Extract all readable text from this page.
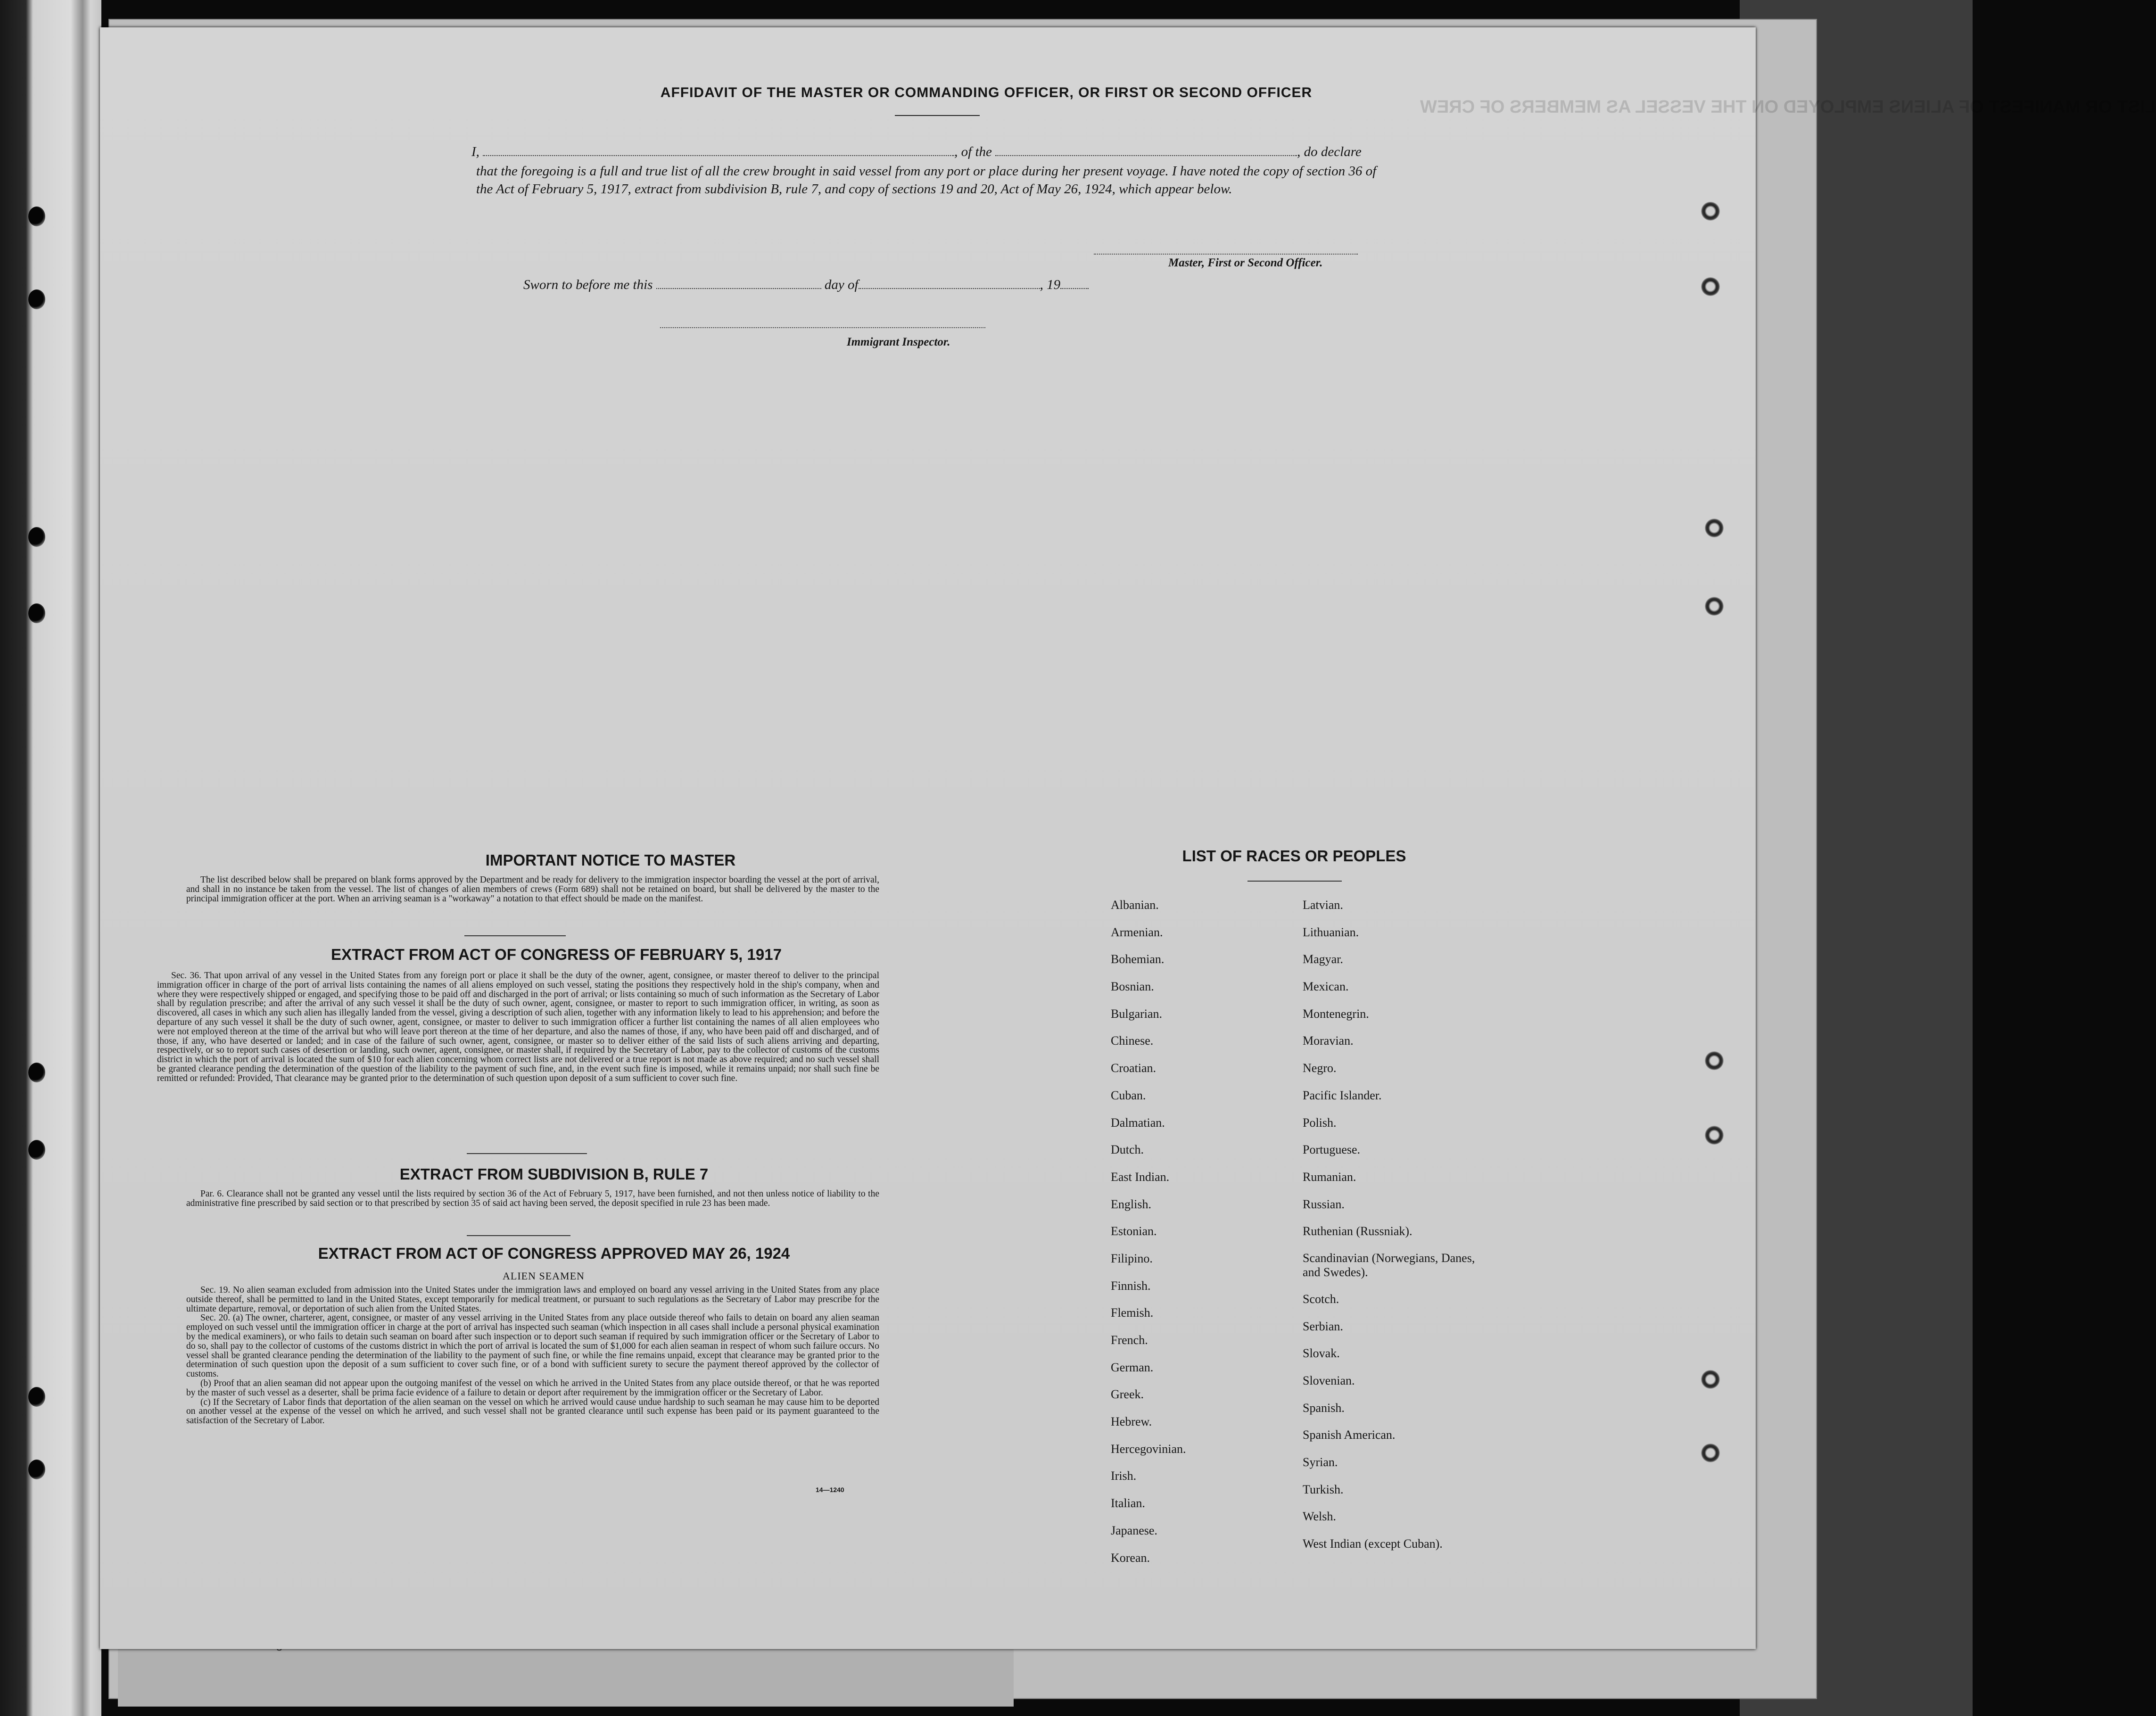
LIST OR MANIFEST OF ALIENS EMPLOYED ON THE VESSEL AS MEMBERS OF CREW
AFFIDAVIT OF THE MASTER OR COMMANDING OFFICER, OR FIRST OR SECOND OFFICER
I,	, of the	, do declare
that the foregoing is a full and true list of all the crew brought in said vessel from any port or place during her present voyage. I have noted the copy of section 36 of the Act of February 5, 1917, extract from subdivision B, rule 7, and copy of sections 19 and 20, Act of May 26, 1924, which appear below.
Master, First or Second Officer.
Sworn to before me this	day of	, 19
Immigrant Inspector.
IMPORTANT NOTICE TO MASTER

The list described below shall be prepared on blank forms approved by the Department and be ready for delivery to the immigration inspector boarding the vessel at the port of arrival, and shall in no instance be taken from the vessel. The list of changes of alien members of crews (Form 689) shall not be retained on board, but shall be delivered by the master to the principal immigration officer at the port. When an arriving seaman is a "workaway" a notation to that effect should be made on the manifest.

EXTRACT FROM ACT OF CONGRESS OF FEBRUARY 5, 1917

Sec. 36. That upon arrival of any vessel in the United States from any foreign port or place it shall be the duty of the owner, agent, consignee, or master thereof to deliver to the principal immigration officer in charge of the port of arrival lists containing the names of all aliens employed on such vessel, stating the positions they respectively hold in the ship's company, when and where they were respectively shipped or engaged, and specifying those to be paid off and discharged in the port of arrival; or lists containing so much of such information as the Secretary of Labor shall by regulation prescribe; and after the arrival of any such vessel it shall be the duty of such owner, agent, consignee, or master to report to such immigration officer, in writing, as soon as discovered, all cases in which any such alien has illegally landed from the vessel, giving a description of such alien, together with any information likely to lead to his apprehension; and before the departure of any such vessel it shall be the duty of such owner, agent, consignee, or master to deliver to such immigration officer a further list containing the names of all alien employees who were not employed thereon at the time of the arrival but who will leave port thereon at the time of her departure, and also the names of those, if any, who have been paid off and discharged, and of those, if any, who have deserted or landed; and in case of the failure of such owner, agent, consignee, or master so to deliver either of the said lists of such aliens arriving and departing, respectively, or so to report such cases of desertion or landing, such owner, agent, consignee, or master shall, if required by the Secretary of Labor, pay to the collector of customs of the customs district in which the port of arrival is located the sum of $10 for each alien concerning whom correct lists are not delivered or a true report is not made as above required; and no such vessel shall be granted clearance pending the determination of the question of the liability to the payment of such fine, and, in the event such fine is imposed, while it remains unpaid; nor shall such fine be remitted or refunded: Provided, That clearance may be granted prior to the determination of such question upon deposit of a sum sufficient to cover such fine.

EXTRACT FROM SUBDIVISION B, RULE 7

Par. 6. Clearance shall not be granted any vessel until the lists required by section 36 of the Act of February 5, 1917, have been furnished, and not then unless notice of liability to the administrative fine prescribed by said section or to that prescribed by section 35 of said act having been served, the deposit specified in rule 23 has been made.

EXTRACT FROM ACT OF CONGRESS APPROVED MAY 26, 1924
ALIEN SEAMEN

Sec. 19. No alien seaman excluded from admission into the United States under the immigration laws and employed on board any vessel arriving in the United States from any place outside thereof, shall be permitted to land in the United States, except temporarily for medical treatment, or pursuant to such regulations as the Secretary of Labor may prescribe for the ultimate departure, removal, or deportation of such alien from the United States.

Sec. 20. (a) The owner, charterer, agent, consignee, or master of any vessel arriving in the United States from any place outside thereof who fails to detain on board any alien seaman employed on such vessel until the immigration officer in charge at the port of arrival has inspected such seaman (which inspection in all cases shall include a personal physical examination by the medical examiners), or who fails to detain such seaman on board after such inspection or to deport such seaman if required by such immigration officer or the Secretary of Labor to do so, shall pay to the collector of customs of the customs district in which the port of arrival is located the sum of $1,000 for each alien seaman in respect of whom such failure occurs. No vessel shall be granted clearance pending the determination of the liability to the payment of such fine, or while the fine remains unpaid, except that clearance may be granted prior to the determination of such question upon the deposit of a sum sufficient to cover such fine, or of a bond with sufficient surety to secure the payment thereof approved by the collector of customs.

(b) Proof that an alien seaman did not appear upon the outgoing manifest of the vessel on which he arrived in the United States from any place outside thereof, or that he was reported by the master of such vessel as a deserter, shall be prima facie evidence of a failure to detain or deport after requirement by the immigration officer or the Secretary of Labor.

(c) If the Secretary of Labor finds that deportation of the alien seaman on the vessel on which he arrived would cause undue hardship to such seaman he may cause him to be deported on another vessel at the expense of the vessel on which he arrived, and such vessel shall not be granted clearance until such expense has been paid or its payment guaranteed to the satisfaction of the Secretary of Labor.

14—1240
LIST OF RACES OR PEOPLES
Albanian.
Armenian.
Bohemian.
Bosnian.
Bulgarian.
Chinese.
Croatian.
Cuban.
Dalmatian.
Dutch.
East Indian.
English.
Estonian.
Filipino.
Finnish.
Flemish.
French.
German.
Greek.
Hebrew.
Hercegovinian.
Irish.
Italian.
Japanese.
Korean.
Latvian.
Lithuanian.
Magyar.
Mexican.
Montenegrin.
Moravian.
Negro.
Pacific Islander.
Polish.
Portuguese.
Rumanian.
Russian.
Ruthenian (Russniak).
Scandinavian (Norwegians, Danes, and Swedes).
Scotch.
Serbian.
Slovak.
Slovenian.
Spanish.
Spanish American.
Syrian.
Turkish.
Welsh.
West Indian (except Cuban).
